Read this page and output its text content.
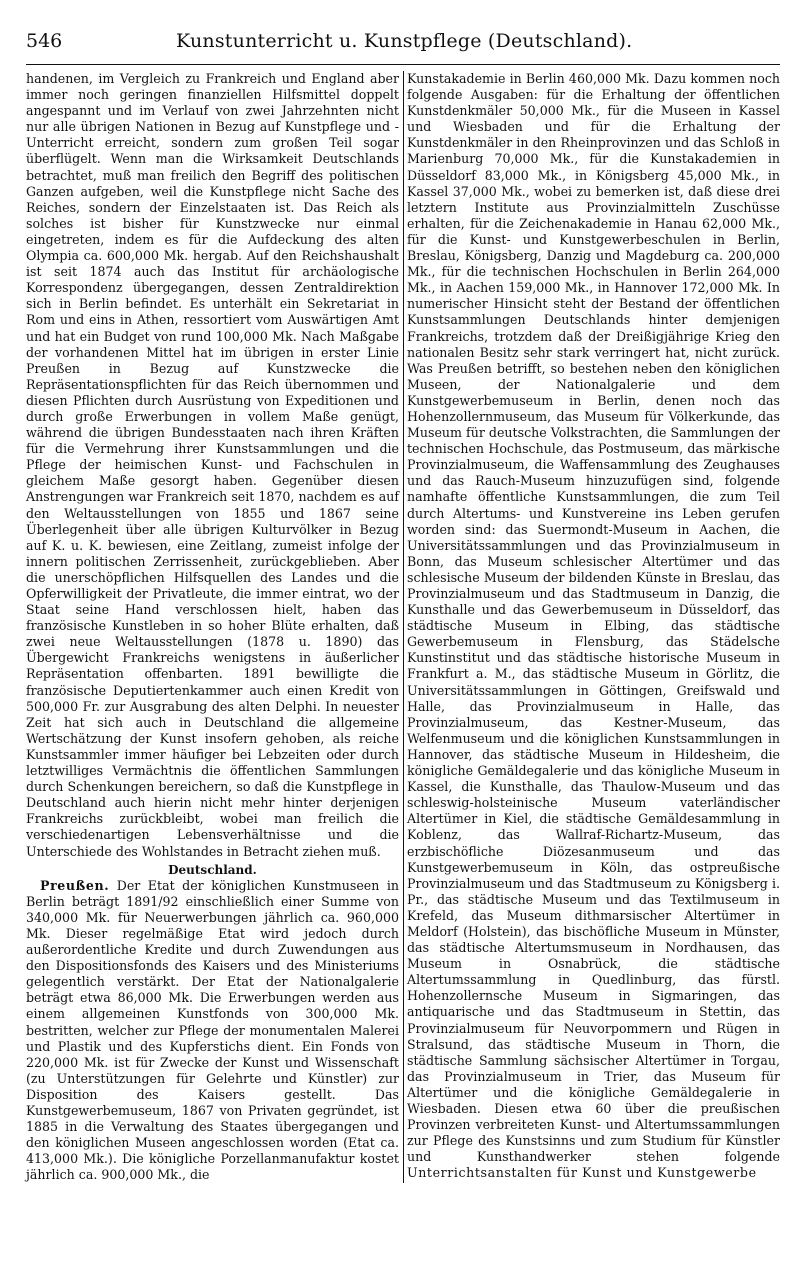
546	Kunstunterricht u. Kunstpflege (Deutschland).

handenen, im Vergleich zu Frankreich und England aber immer noch geringen finanziellen Hilfsmittel doppelt angespannt und im Verlauf von zwei Jahrzehnten nicht nur alle übrigen Nationen in Bezug auf Kunstpflege und -Unterricht erreicht, sondern zum großen Teil sogar überflügelt. Wenn man die Wirksamkeit Deutschlands betrachtet, muß man freilich den Begriff des politischen Ganzen aufgeben, weil die Kunstpflege nicht Sache des Reiches, sondern der Einzelstaaten ist. Das Reich als solches ist bisher für Kunstzwecke nur einmal eingetreten, indem es für die Aufdeckung des alten Olympia ca. 600,000 Mk. hergab. Auf den Reichshaushalt ist seit 1874 auch das Institut für archäologische Korrespondenz übergegangen, dessen Zentraldirektion sich in Berlin befindet. Es unterhält ein Sekretariat in Rom und eins in Athen, ressortiert vom Auswärtigen Amt und hat ein Budget von rund 100,000 Mk. Nach Maßgabe der vorhandenen Mittel hat im übrigen in erster Linie Preußen in Bezug auf Kunstzwecke die Repräsentationspflichten für das Reich übernommen und diesen Pflichten durch Ausrüstung von Expeditionen und durch große Erwerbungen in vollem Maße genügt, während die übrigen Bundesstaaten nach ihren Kräften für die Vermehrung ihrer Kunstsammlungen und die Pflege der heimischen Kunst- und Fachschulen in gleichem Maße gesorgt haben. Gegenüber diesen Anstrengungen war Frankreich seit 1870, nachdem es auf den Weltausstellungen von 1855 und 1867 seine Überlegenheit über alle übrigen Kulturvölker in Bezug auf K. u. K. bewiesen, eine Zeitlang, zumeist infolge der innern politischen Zerrissenheit, zurückgeblieben. Aber die unerschöpflichen Hilfsquellen des Landes und die Opferwilligkeit der Privatleute, die immer eintrat, wo der Staat seine Hand verschlossen hielt, haben das französische Kunstleben in so hoher Blüte erhalten, daß zwei neue Weltausstellungen (1878 u. 1890) das Übergewicht Frankreichs wenigstens in äußerlicher Repräsentation offenbarten. 1891 bewilligte die französische Deputiertenkammer auch einen Kredit von 500,000 Fr. zur Ausgrabung des alten Delphi. In neuester Zeit hat sich auch in Deutschland die allgemeine Wertschätzung der Kunst insofern gehoben, als reiche Kunstsammler immer häufiger bei Lebzeiten oder durch letztwilliges Vermächtnis die öffentlichen Sammlungen durch Schenkungen bereichern, so daß die Kunstpflege in Deutschland auch hierin nicht mehr hinter derjenigen Frankreichs zurückbleibt, wobei man freilich die verschiedenartigen Lebensverhältnisse und die Unterschiede des Wohlstandes in Betracht ziehen muß.

Deutschland.

Preußen. Der Etat der königlichen Kunstmuseen in Berlin beträgt 1891/92 einschließlich einer Summe von 340,000 Mk. für Neuerwerbungen jährlich ca. 960,000 Mk. Dieser regelmäßige Etat wird jedoch durch außerordentliche Kredite und durch Zuwendungen aus den Dispositionsfonds des Kaisers und des Ministeriums gelegentlich verstärkt. Der Etat der Nationalgalerie beträgt etwa 86,000 Mk. Die Erwerbungen werden aus einem allgemeinen Kunstfonds von 300,000 Mk. bestritten, welcher zur Pflege der monumentalen Malerei und Plastik und des Kupferstichs dient. Ein Fonds von 220,000 Mk. ist für Zwecke der Kunst und Wissenschaft (zu Unterstützungen für Gelehrte und Künstler) zur Disposition des Kaisers gestellt. Das Kunstgewerbemuseum, 1867 von Privaten gegründet, ist 1885 in die Verwaltung des Staates übergegangen und den königlichen Museen angeschlossen worden (Etat ca. 413,000 Mk.). Die königliche Porzellanmanufaktur kostet jährlich ca. 900,000 Mk., die

Kunstakademie in Berlin 460,000 Mk. Dazu kommen noch folgende Ausgaben: für die Erhaltung der öffentlichen Kunstdenkmäler 50,000 Mk., für die Museen in Kassel und Wiesbaden und für die Erhaltung der Kunstdenkmäler in den Rheinprovinzen und das Schloß in Marienburg 70,000 Mk., für die Kunstakademien in Düsseldorf 83,000 Mk., in Königsberg 45,000 Mk., in Kassel 37,000 Mk., wobei zu bemerken ist, daß diese drei letztern Institute aus Provinzialmitteln Zuschüsse erhalten, für die Zeichenakademie in Hanau 62,000 Mk., für die Kunst- und Kunstgewerbeschulen in Berlin, Breslau, Königsberg, Danzig und Magdeburg ca. 200,000 Mk., für die technischen Hochschulen in Berlin 264,000 Mk., in Aachen 159,000 Mk., in Hannover 172,000 Mk. In numerischer Hinsicht steht der Bestand der öffentlichen Kunstsammlungen Deutschlands hinter demjenigen Frankreichs, trotzdem daß der Dreißigjährige Krieg den nationalen Besitz sehr stark verringert hat, nicht zurück. Was Preußen betrifft, so bestehen neben den königlichen Museen, der Nationalgalerie und dem Kunstgewerbemuseum in Berlin, denen noch das Hohenzollernmuseum, das Museum für Völkerkunde, das Museum für deutsche Volkstrachten, die Sammlungen der technischen Hochschule, das Postmuseum, das märkische Provinzialmuseum, die Waffensammlung des Zeughauses und das Rauch-Museum hinzuzufügen sind, folgende namhafte öffentliche Kunstsammlungen, die zum Teil durch Altertums- und Kunstvereine ins Leben gerufen worden sind: das Suermondt-Museum in Aachen, die Universitätssammlungen und das Provinzialmuseum in Bonn, das Museum schlesischer Altertümer und das schlesische Museum der bildenden Künste in Breslau, das Provinzialmuseum und das Stadtmuseum in Danzig, die Kunsthalle und das Gewerbemuseum in Düsseldorf, das städtische Museum in Elbing, das städtische Gewerbemuseum in Flensburg, das Städelsche Kunstinstitut und das städtische historische Museum in Frankfurt a. M., das städtische Museum in Görlitz, die Universitätssammlungen in Göttingen, Greifswald und Halle, das Provinzialmuseum in Halle, das Provinzialmuseum, das Kestner-Museum, das Welfenmuseum und die königlichen Kunstsammlungen in Hannover, das städtische Museum in Hildesheim, die königliche Gemäldegalerie und das königliche Museum in Kassel, die Kunsthalle, das Thaulow-Museum und das schleswig-holsteinische Museum vaterländischer Altertümer in Kiel, die städtische Gemäldesammlung in Koblenz, das Wallraf-Richartz-Museum, das erzbischöfliche Diözesanmuseum und das Kunstgewerbemuseum in Köln, das ostpreußische Provinzialmuseum und das Stadtmuseum zu Königsberg i. Pr., das städtische Museum und das Textilmuseum in Krefeld, das Museum dithmarsischer Altertümer in Meldorf (Holstein), das bischöfliche Museum in Münster, das städtische Altertumsmuseum in Nordhausen, das Museum in Osnabrück, die städtische Altertumssammlung in Quedlinburg, das fürstl. Hohenzollernsche Museum in Sigmaringen, das antiquarische und das Stadtmuseum in Stettin, das Provinzialmuseum für Neuvorpommern und Rügen in Stralsund, das städtische Museum in Thorn, die städtische Sammlung sächsischer Altertümer in Torgau, das Provinzialmuseum in Trier, das Museum für Altertümer und die königliche Gemäldegalerie in Wiesbaden. Diesen etwa 60 über die preußischen Provinzen verbreiteten Kunst- und Altertumssammlungen zur Pflege des Kunstsinns und zum Studium für Künstler und Kunsthandwerker stehen folgende Unterrichtsanstalten für Kunst und Kunstgewerbe
